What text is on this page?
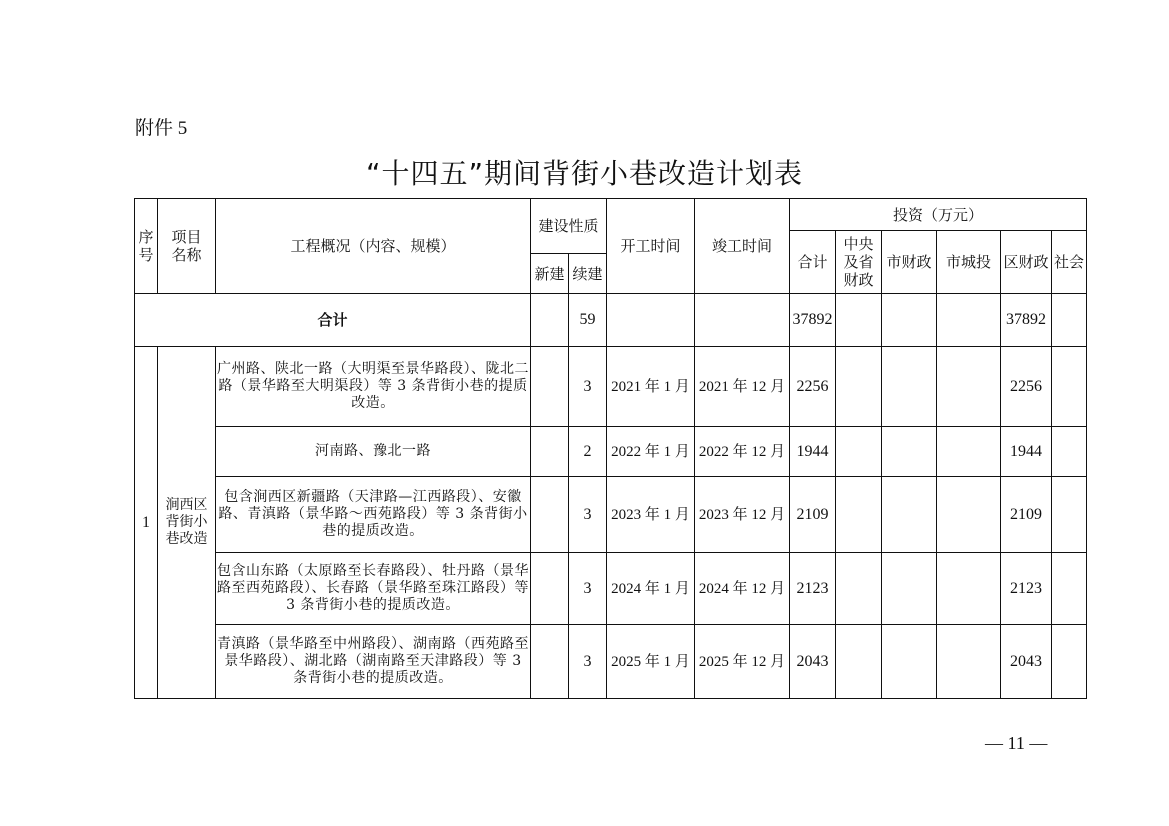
附件 5
“十四五”期间背街小巷改造计划表
序号	项目名称	工程概况（内容、规模）	建设性质		开工时间	竣工时间	投资（万元）					
							合计	中央及省财政	市财政	市城投	区财政	社会
			新建	续建								
合计				59			37892				37892	
1	涧西区背街小巷改造	广州路、陕北一路（大明渠至景华路段）、陇北二路（景华路至大明渠段）等 3 条背街小巷的提质改造。		3	2021 年 1 月	2021 年 12 月	2256				2256	
		河南路、豫北一路		2	2022 年 1 月	2022 年 12 月	1944				1944	
		包含涧西区新疆路（天津路—江西路段）、安徽路、青滇路（景华路～西苑路段）等 3 条背街小巷的提质改造。		3	2023 年 1 月	2023 年 12 月	2109				2109	
		包含山东路（太原路至长春路段）、牡丹路（景华路至西苑路段）、长春路（景华路至珠江路段）等 3 条背街小巷的提质改造。		3	2024 年 1 月	2024 年 12 月	2123				2123	
		青滇路（景华路至中州路段）、湖南路（西苑路至景华路段）、湖北路（湖南路至天津路段）等 3 条背街小巷的提质改造。		3	2025 年 1 月	2025 年 12 月	2043				2043	
— 11 —
